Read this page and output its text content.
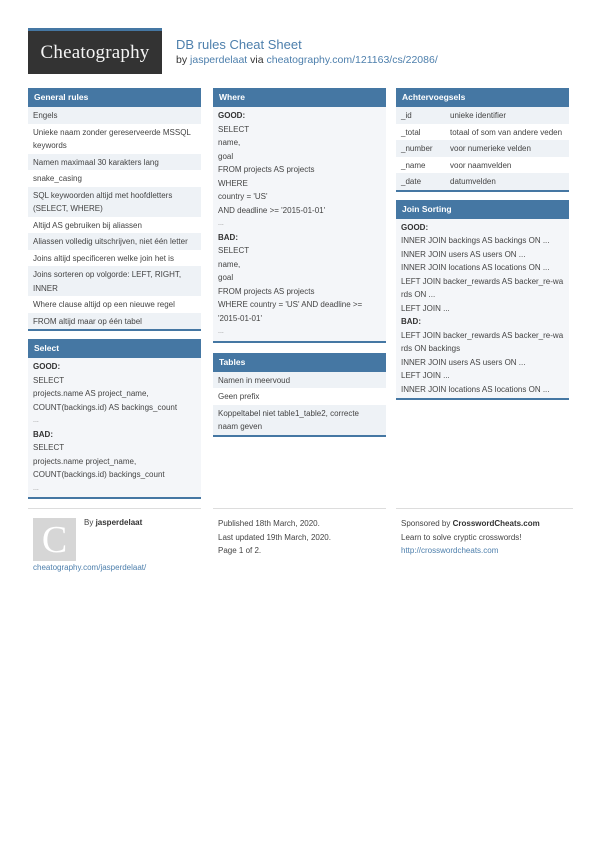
Cheatography DB rules Cheat Sheet
by jasperdelaat via cheatography.com/121163/cs/22086/
General rules
Engels
Unieke naam zonder gereserveerde MSSQL keywords
Namen maximaal 30 karakters lang
snake_casing
SQL keywoorden altijd met hoofdletters (SELECT, WHERE)
Altijd AS gebruiken bij aliassen
Aliassen volledig uitschrijven, niet één letter
Joins altijd specificeren welke join het is
Joins sorteren op volgorde: LEFT, RIGHT, INNER
Where clause altijd op een nieuwe regel
FROM altijd maar op één tabel
Select
GOOD:
SELECT
projects.name AS project_name,
COUNT(backings.id) AS backings_count
...
BAD:
SELECT
projects.name project_name,
COUNT(backings.id) backings_count
...
Where
GOOD:
SELECT
name,
goal
FROM projects AS projects
WHERE
country = 'US'
AND deadline >= '2015-01-01'
...
BAD:
SELECT
name,
goal
FROM projects AS projects
WHERE country = 'US' AND deadline >= '2015-01-01'
...
Tables
Namen in meervoud
Geen prefix
Koppeltabel niet table1_table2, correcte naam geven
Achtervoegsels
_id	unieke identifier
_total	totaal of som van andere veden
_number	voor numerieke velden
_name	voor naamvelden
_date	datumvelden
Join Sorting
GOOD:
INNER JOIN backings AS backings ON ...
INNER JOIN users AS users ON ...
INNER JOIN locations AS locations ON ...
LEFT JOIN backer_rewards AS backer_re-wards ON ...
LEFT JOIN ...
BAD:
LEFT JOIN backer_rewards AS backer_re-wards ON backings
INNER JOIN users AS users ON ...
LEFT JOIN ...
INNER JOIN locations AS locations ON ...
C By jasperdelaat
cheatography.com/jasperdelaat/
Published 18th March, 2020.
Last updated 19th March, 2020.
Page 1 of 2.
Sponsored by CrosswordCheats.com
Learn to solve cryptic crosswords!
http://crosswordcheats.com
